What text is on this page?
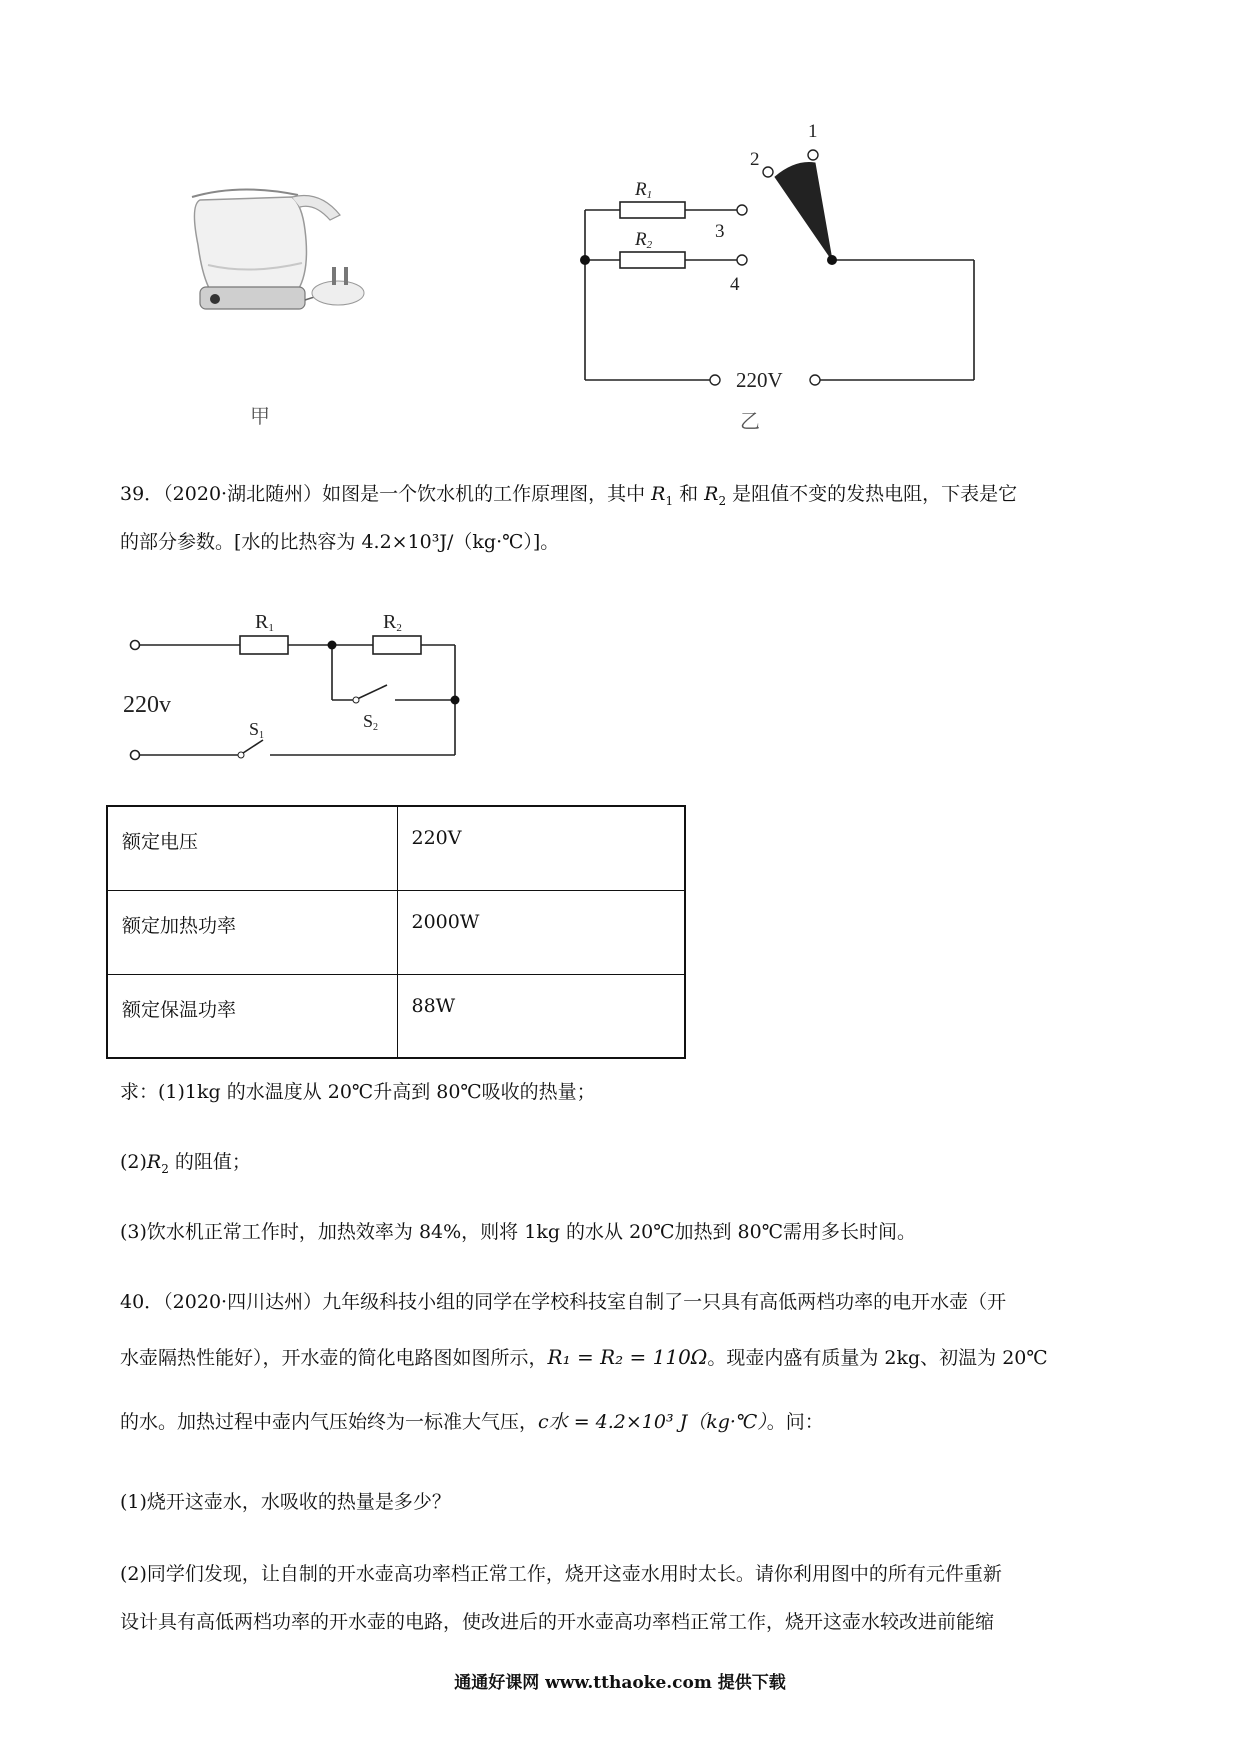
甲
R1
R2
1
2
3
4
220V
乙
39．（2020·湖北随州）如图是一个饮水机的工作原理图，其中 $R_1$ 和 $R_2$ 是阻值不变的发热电阻，下表是它
的部分参数。[水的比热容为 4.2×10³J/（kg·℃）]。
R1	R2
220v
S1
S2
额定电压	220V
额定加热功率	2000W
额定保温功率	88W
求：(1)1kg 的水温度从 20℃升高到 80℃吸收的热量；
$(2)R_2$ 的阻值；
(3)饮水机正常工作时，加热效率为 84%，则将 1kg 的水从 20℃加热到 80℃需用多长时间。
40．（2020·四川达州）九年级科技小组的同学在学校科技室自制了一只具有高低两档功率的电开水壶（开
水壶隔热性能好），开水壶的简化电路图如图所示，R₁ = R₂ = 110Ω。现壶内盛有质量为 2kg、初温为 20℃
的水。加热过程中壶内气压始终为一标准大气压，c水 = 4.2×10³ J（kg·℃）。问：
(1)烧开这壶水，水吸收的热量是多少？
(2)同学们发现，让自制的开水壶高功率档正常工作，烧开这壶水用时太长。请你利用图中的所有元件重新
设计具有高低两档功率的开水壶的电路，使改进后的开水壶高功率档正常工作，烧开这壶水较改进前能缩
通通好课网 www.tthaoke.com 提供下载
